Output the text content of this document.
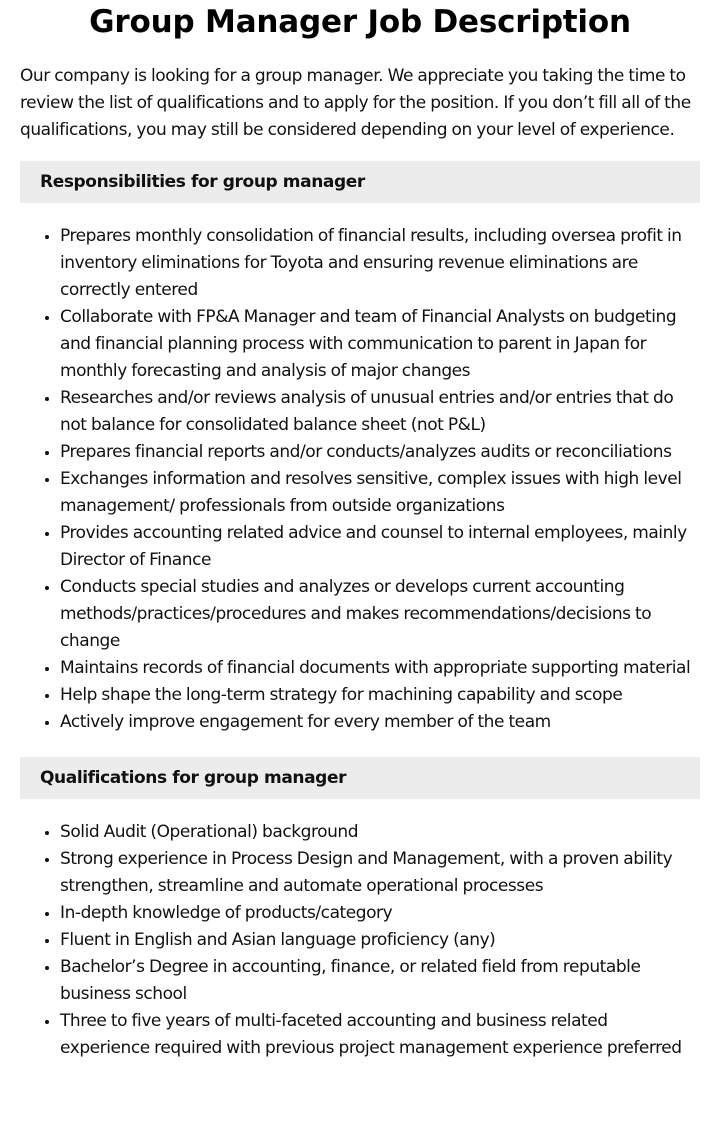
Group Manager Job Description

Our company is looking for a group manager. We appreciate you taking the time to review the list of qualifications and to apply for the position. If you don’t fill all of the qualifications, you may still be considered depending on your level of experience.

Responsibilities for group manager
• Prepares monthly consolidation of financial results, including oversea profit in inventory eliminations for Toyota and ensuring revenue eliminations are correctly entered
• Collaborate with FP&A Manager and team of Financial Analysts on budgeting and financial planning process with communication to parent in Japan for monthly forecasting and analysis of major changes
• Researches and/or reviews analysis of unusual entries and/or entries that do not balance for consolidated balance sheet (not P&L)
• Prepares financial reports and/or conducts/analyzes audits or reconciliations
• Exchanges information and resolves sensitive, complex issues with high level management/ professionals from outside organizations
• Provides accounting related advice and counsel to internal employees, mainly Director of Finance
• Conducts special studies and analyzes or develops current accounting methods/practices/procedures and makes recommendations/decisions to change
• Maintains records of financial documents with appropriate supporting material
• Help shape the long-term strategy for machining capability and scope
• Actively improve engagement for every member of the team
Qualifications for group manager
• Solid Audit (Operational) background
• Strong experience in Process Design and Management, with a proven ability strengthen, streamline and automate operational processes
• In-depth knowledge of products/category
• Fluent in English and Asian language proficiency (any)
• Bachelor’s Degree in accounting, finance, or related field from reputable business school
• Three to five years of multi-faceted accounting and business related experience required with previous project management experience preferred
